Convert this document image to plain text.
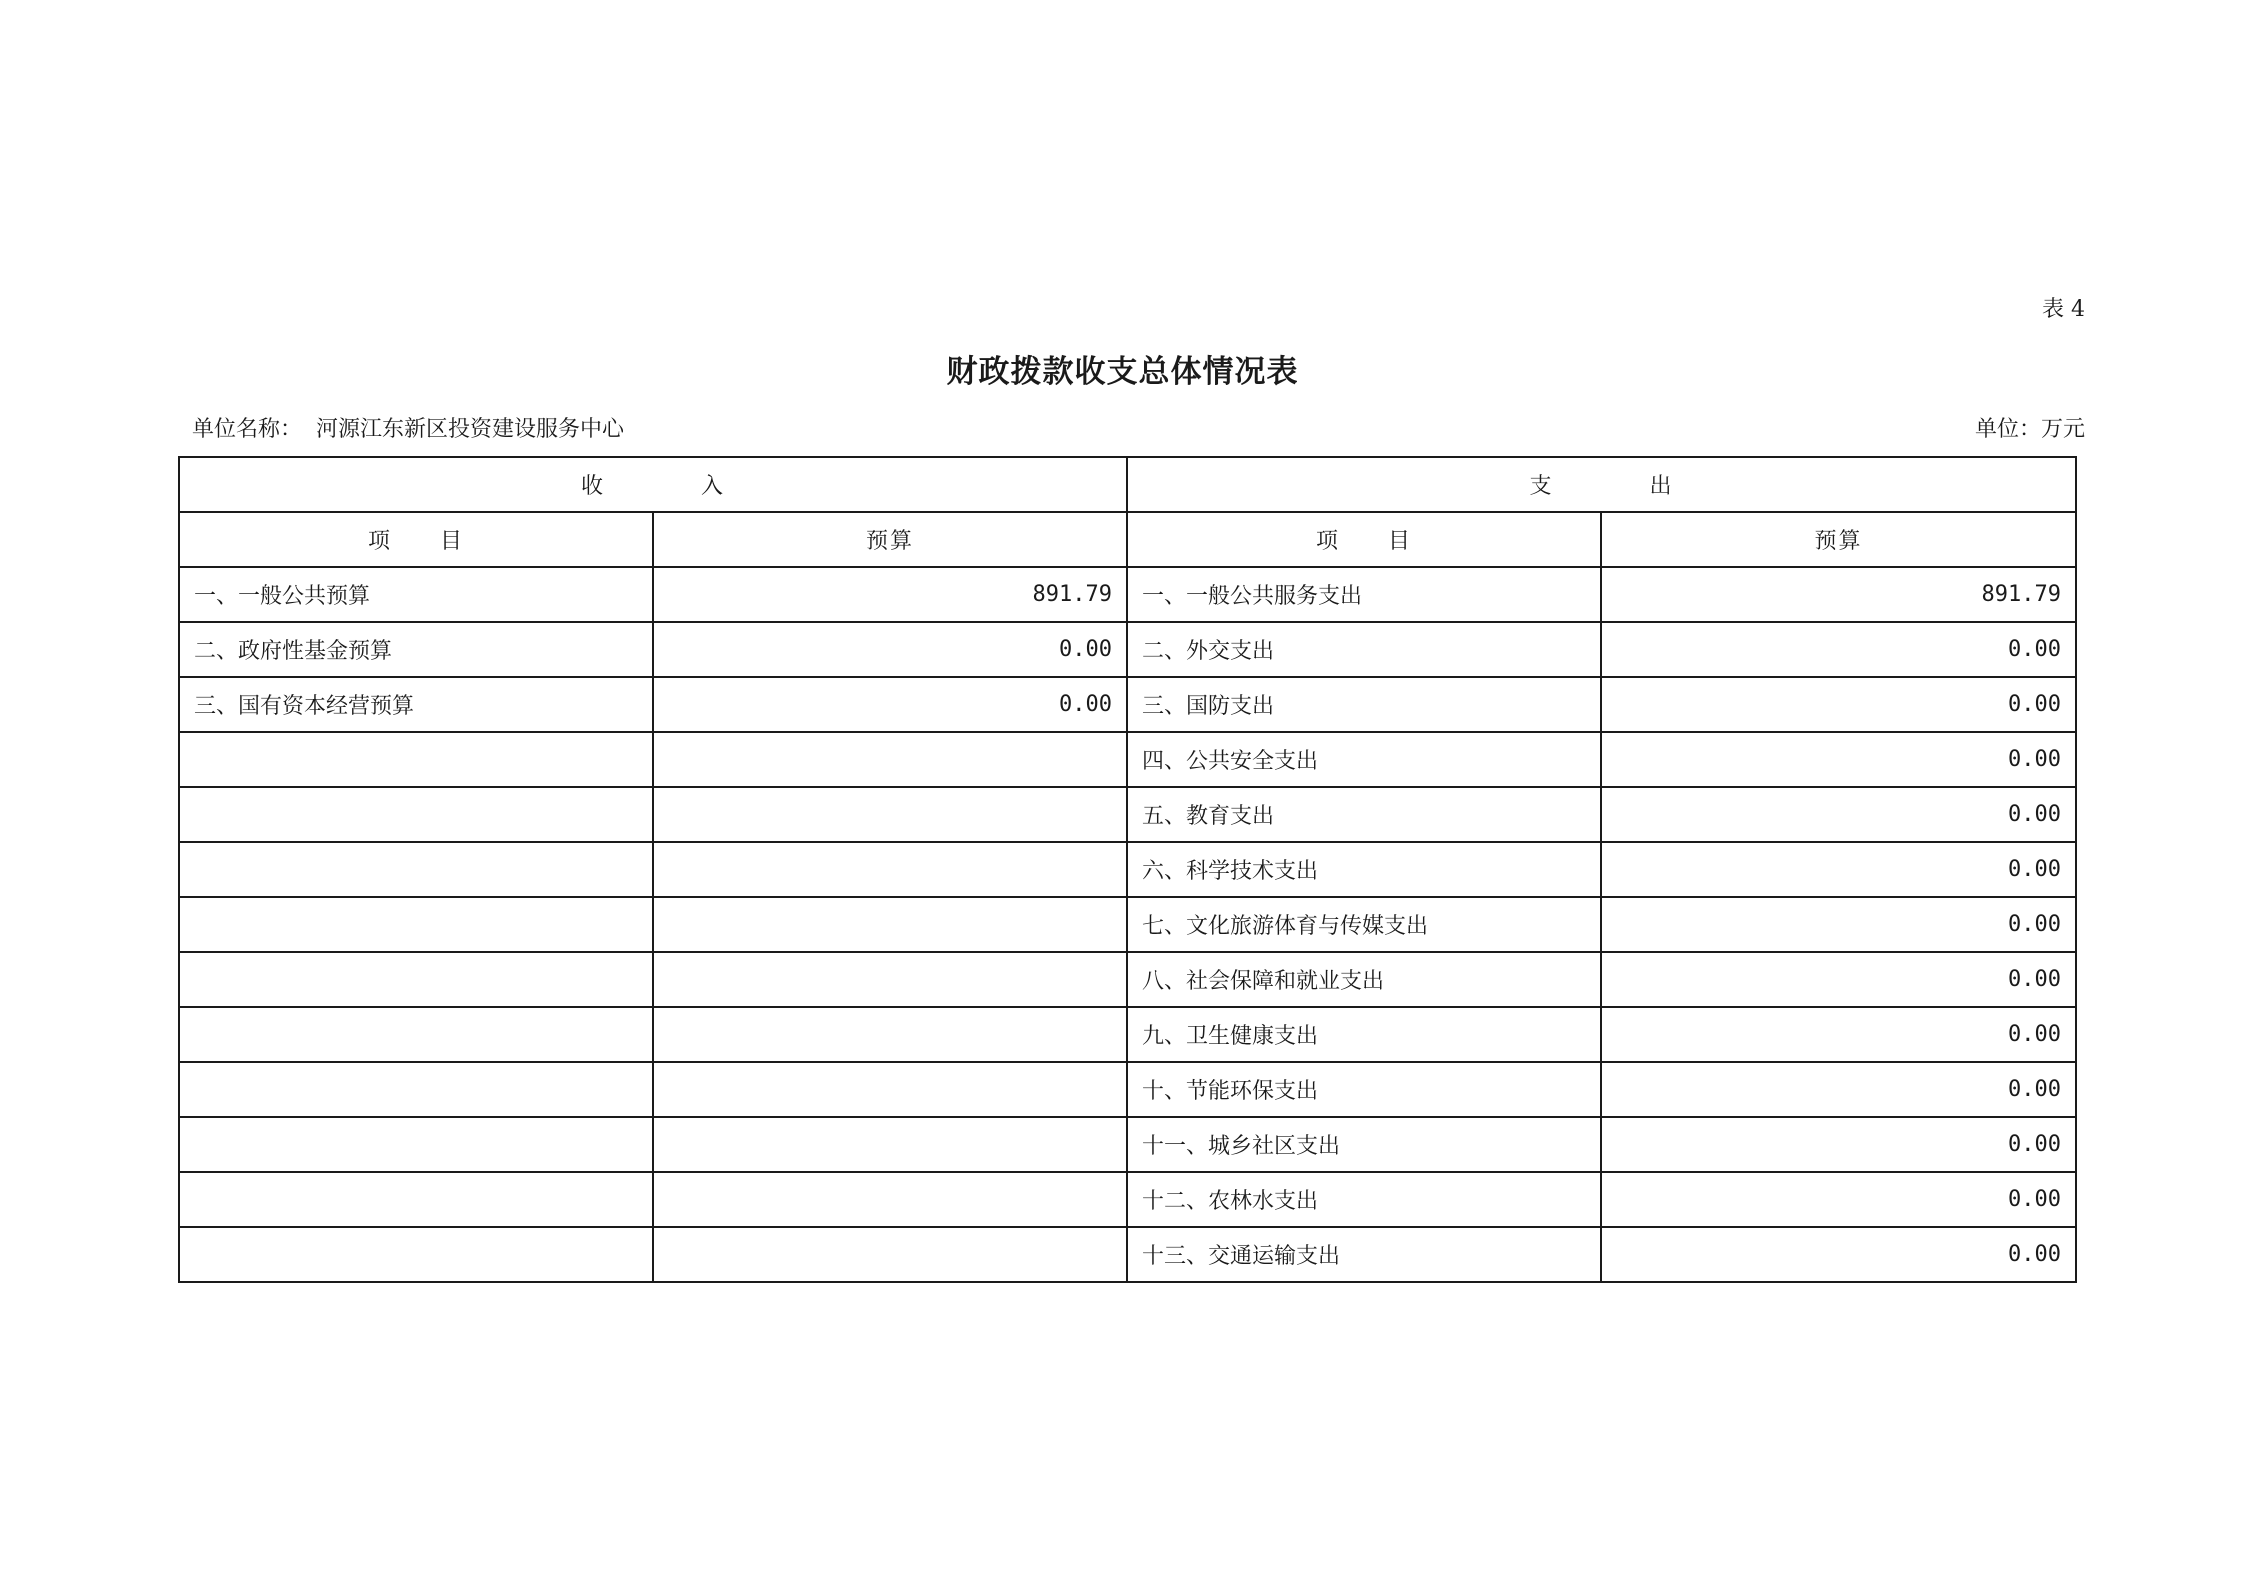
表 4
财政拨款收支总体情况表
单位名称： 河源江东新区投资建设服务中心	单位：万元
收　　　　入		支　　　　出	
项　　目	预算	项　　目	预算
一、一般公共预算	891.79	一、一般公共服务支出	891.79
二、政府性基金预算	0.00	二、外交支出	0.00
三、国有资本经营预算	0.00	三、国防支出	0.00
		四、公共安全支出	0.00
		五、教育支出	0.00
		六、科学技术支出	0.00
		七、文化旅游体育与传媒支出	0.00
		八、社会保障和就业支出	0.00
		九、卫生健康支出	0.00
		十、节能环保支出	0.00
		十一、城乡社区支出	0.00
		十二、农林水支出	0.00
		十三、交通运输支出	0.00
